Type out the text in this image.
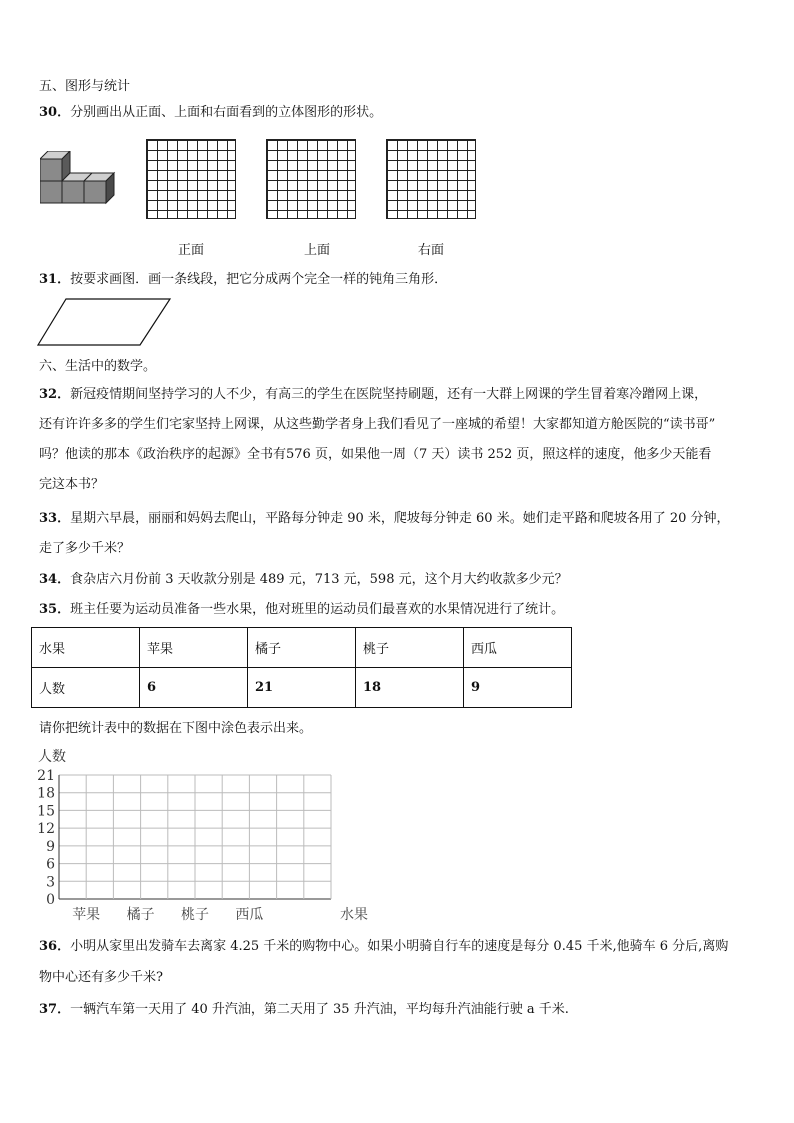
五、图形与统计
30．分别画出从正面、上面和右面看到的立体图形的形状。
正面	上面	右面
31．按要求画图．画一条线段，把它分成两个完全一样的钝角三角形．
六、生活中的数学。
32．新冠疫情期间坚持学习的人不少，有高三的学生在医院坚持刷题，还有一大群上网课的学生冒着寒冷蹭网上课，
还有许许多多的学生们宅家坚持上网课，从这些勤学者身上我们看见了一座城的希望！大家都知道方舱医院的“读书哥”
吗？他读的那本《政治秩序的起源》全书有576 页，如果他一周（7 天）读书 252 页，照这样的速度，他多少天能看
完这本书？
33．星期六早晨，丽丽和妈妈去爬山，平路每分钟走 90 米，爬坡每分钟走 60 米。她们走平路和爬坡各用了 20 分钟，
走了多少千米？
34．食杂店六月份前 3 天收款分别是 489 元，713 元，598 元，这个月大约收款多少元？
35．班主任要为运动员准备一些水果，他对班里的运动员们最喜欢的水果情况进行了统计。
水果	苹果	橘子	桃子	西瓜
人数	6	21	18	9
请你把统计表中的数据在下图中涂色表示出来。
0
3
6
9
12
15
18
21
人数
苹果 橘子 桃子 西瓜	水果
36．小明从家里出发骑车去离家 4.25 千米的购物中心。如果小明骑自行车的速度是每分 0.45 千米,他骑车 6 分后,离购
物中心还有多少千米?
37．一辆汽车第一天用了 40 升汽油，第二天用了 35 升汽油，平均每升汽油能行驶 a 千米.
